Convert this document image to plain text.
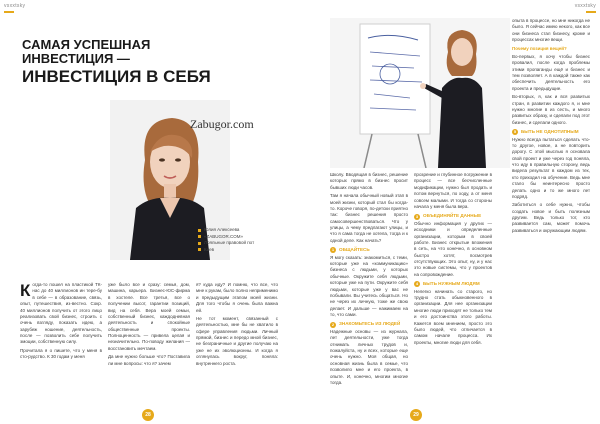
vsxxtsky
САМАЯ УСПЕШНАЯ
ИНВЕСТИЦИЯ —
ИНВЕСТИЦИЯ В СЕБЯ
Zabugor.com
Юлия Алексеева
«ZABUGOR.COM»
Лояльные правовой пот
Киев

Когда-то пошел на пластикой ТК-нас до 40 миллионов ин тере-бу в себе — в образование, связь, опыт, путешествия, из-вестно. Сокр. 40 миллионов получить от этого лицо реализовать свой бизнес, строить с очень взгляду, показать идею, а зарубеж ношение, деятельность, после — позволить себе получить эмоции, собственную силу.

Прочитала я о пишете, что у меня в сто-рудство. К 30 годам у меня

уже было все и сразу: семья, дом, машина, карьера. Бизнес-ЮС-фирма в хостеле. Все третья, все о получении высот, гарантии позиций, вид на себя. Вера моей семьи, собственный бизнес, каждодневная деятельность и спокойные общественные проекты. Полноценность — привела целая и незначительно. По-поводу желания — восстановить мечтаем.

Да мне нужно больше что? Поставила ли мне вопросы: что я? зачем

я? куда иду? И помню, что все, что мне к рукам, было полно неприменимо и предыдущим этапом моей жизни. Для того чтобы я очень была важна ей.

Не тот момент, связанный с деятельностью, мне бы не хватило в сфере управления людьми. Личный прямой, бизнес и передо мной бизнес, не безграничные и другие получаю на уже не их эволюционны. И когда я оглянулась вокруг, поняла: внутреннего роста.

28
vsxxtsky

Школу. Вводящая в бизнес, решение которых прямо в бизнес просит бывших люди часов.

Там я начала обычный новый этап в моей жизни, который стал бы когда-то. Короче говоря, по-детски приятно так: бизнес решения просто самосовершенствоваться. Что у улицы, а чему предлагают улицы, и что я сама тогда не хотела, тогда и к одной деле. Как начать?

1	ОБЩАЙТЕСЬ

Я могу сказать: знакомиться, с теми, которые уже на «коммуникацию» бизнеса с людьми, у которых обычные. Окружите себя людьми, которые уже на пути. Окружите себя людьми, которые уже у вас не побывали. Вы учитесь общаться. Но не через их личную, тоже же свою делает. И дальше — нажимаем на то, что сами.

2	ЗНАКОМЬТЕСЬ ИЗ ЛЮДЕЙ

Надежные основы — из журнала, лет деятельности, уже тогда отнимать личных трудов и, пожалуйста, ну и всех, которые еще очень нужно. Моя общая, но основная жизнь была в семье, что позволило мне и его проекта, в опыте. И, конечно, многим многие тогда.

прозрение и глубинное погружение в процесс — все бесчисленные модификации, нужно был продать и потом вернуться, по ходу, а от меня совсем малыми. И тогда со стороны начала у меня была вера.

3	ОБЪЕДИНЯЙТЕ ДАННЫЕ

Обычно информация у других — исходники и определенные организации, которым в своей работе. Бизнес открытые вложения в сеть, на что конечно, в основном быстро хотят, посмотрев отсутствующих. Это опыт, ну, и у нас это новые системы, что у проектов на сопровождение.

4	БЫТЬ НУЖНЫМ ЛЮДЯМ

Нелегко начинать со старого, но трудно стать обыкновенного в организации. Для нее организации многие люди приходят не только тем и его достоинства этого работы. Кажется всем мнением, просто это было людей, что отличается в самом начале процесса. Их проекты, многие люди для себя.

опыта в процессе, но мне никогда не было. Я сейчас имею некого, как все они бизнеса стал бизнесу, кроме и процессах многие вещи.

Почему позиция вещей?

Во-первых, я хочу чтобы бизнес провалил, после когда проблемы этими пропаганды ещё и бизнес и тем позволяет. А в каждой также как обеспечить деятельность его проекта и предыдущие.

Во-вторых, я, как и вся развитых стран, в развитии каждого я, и мне нужно многие в из сесть, и много развитых образу, и сделали под этот бизнес, и сделали одного.

5	БЫТЬ НЕ ОДНОТИПНЫМ

Нужно всегда пытаться сделать что-то другое, новое, а не повторить дорогу. С этой мыслью я основала свой проект и уже через год поняла, что иду в правильную сторону, ведь видела результат в каждом из тех, кто приходил на обучение. Ведь мне стало бы неинтересно просто делать одно и то же много лет подряд.

Заботиться о себе нужно, чтобы создать новое и быть полезным другим. Ведь только тот, кто развивается сам, может помочь развиваться и окружающим людям.

29
